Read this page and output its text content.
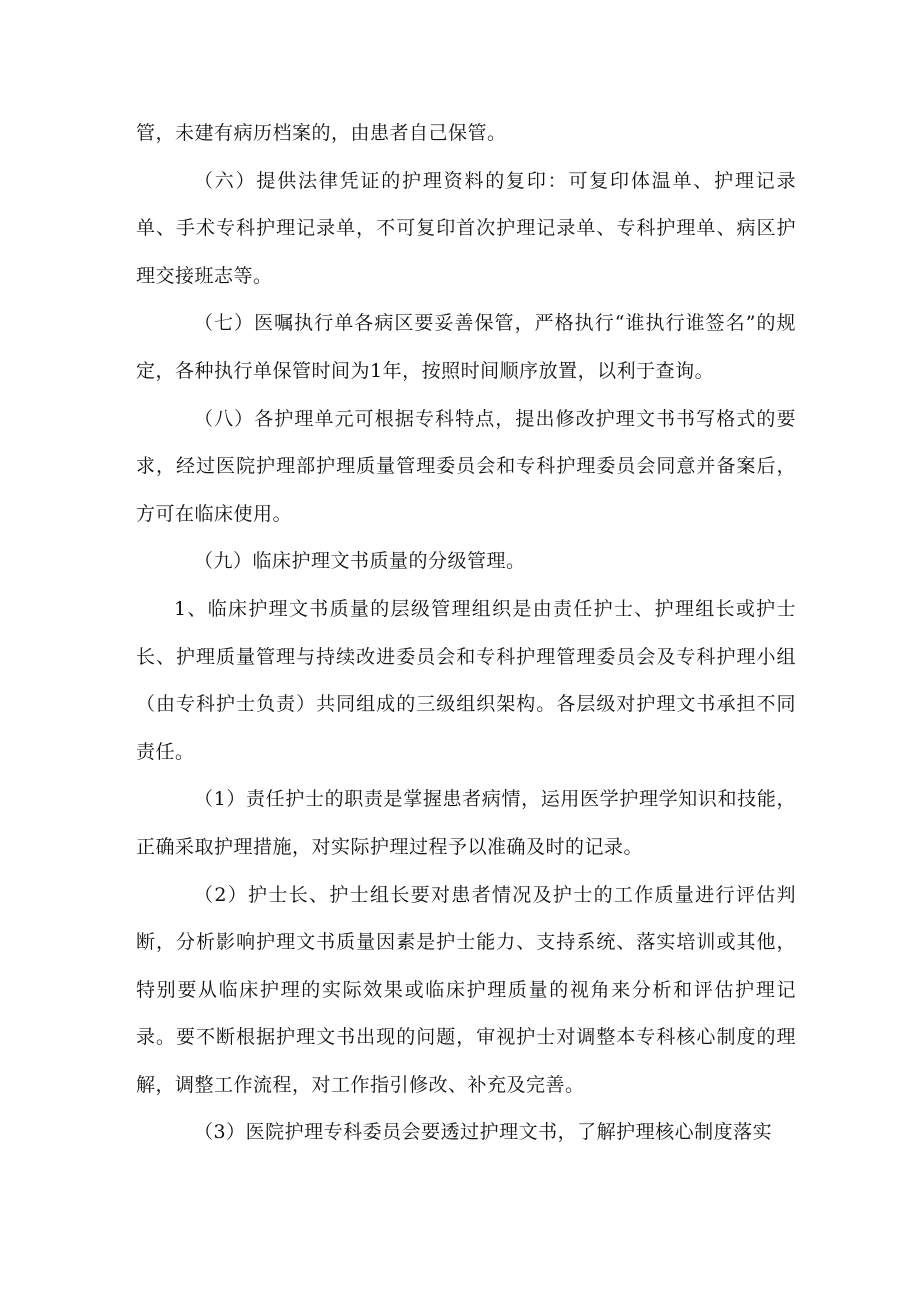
管，未建有病历档案的，由患者自己保管。

（六）提供法律凭证的护理资料的复印：可复印体温单、护理记录单、手术专科护理记录单，不可复印首次护理记录单、专科护理单、病区护理交接班志等。

（七）医嘱执行单各病区要妥善保管，严格执行“谁执行谁签名”的规定，各种执行单保管时间为1年，按照时间顺序放置，以利于查询。

（八）各护理单元可根据专科特点，提出修改护理文书书写格式的要求，经过医院护理部护理质量管理委员会和专科护理委员会同意并备案后，方可在临床使用。

（九）临床护理文书质量的分级管理。

1、临床护理文书质量的层级管理组织是由责任护士、护理组长或护士长、护理质量管理与持续改进委员会和专科护理管理委员会及专科护理小组（由专科护士负责）共同组成的三级组织架构。各层级对护理文书承担不同责任。

（1）责任护士的职责是掌握患者病情，运用医学护理学知识和技能，正确采取护理措施，对实际护理过程予以准确及时的记录。

（2）护士长、护士组长要对患者情况及护士的工作质量进行评估判断，分析影响护理文书质量因素是护士能力、支持系统、落实培训或其他，特别要从临床护理的实际效果或临床护理质量的视角来分析和评估护理记录。要不断根据护理文书出现的问题，审视护士对调整本专科核心制度的理解，调整工作流程，对工作指引修改、补充及完善。

（3）医院护理专科委员会要透过护理文书，了解护理核心制度落实
